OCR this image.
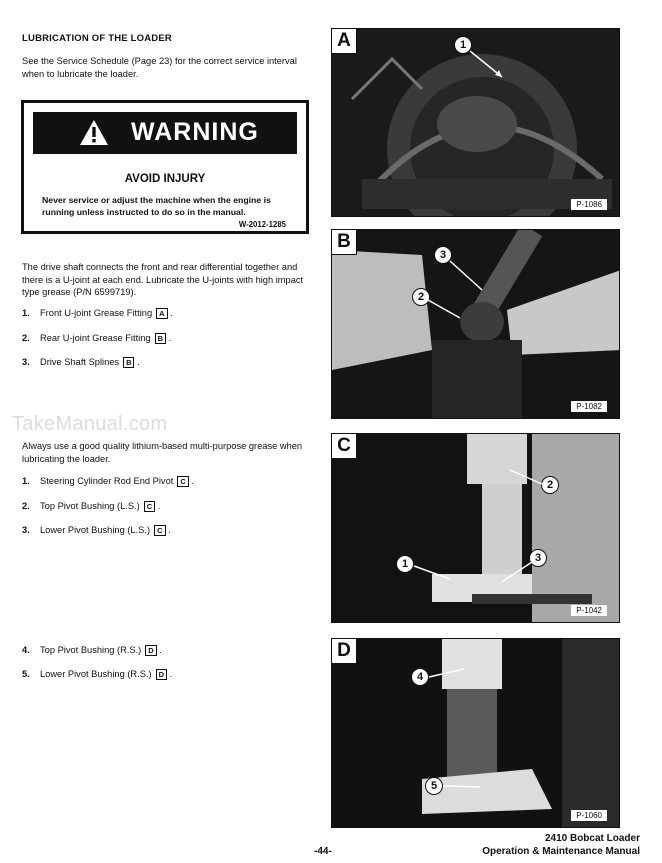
LUBRICATION OF THE LOADER
See the Service Schedule (Page 23) for the correct service interval when to lubricate the loader.
WARNING
AVOID INJURY
Never service or adjust the machine when the engine is running unless instructed to do so in the manual.
W-2012-1285
The drive shaft connects the front and rear differential together and there is a U-joint at each end. Lubricate the U-joints with high impact type grease (P/N 6599719).
1. Front U-joint Grease Fitting A .
2. Rear U-joint Grease Fitting B .
3. Drive Shaft Splines B .
TakeManual.com
Always use a good quality lithium-based multi-purpose grease when lubricating the loader.
1. Steering Cylinder Rod End Pivot C .
2. Top Pivot Bushing (L.S.) C .
3. Lower Pivot Bushing (L.S.) C .
4. Top Pivot Bushing (R.S.) D .
5. Lower Pivot Bushing (R.S.) D .
A	1
P-1086
B
3
2
P-1082
C
2
1	3
P-1042
D
4
5
P-1060
-44-
2410 Bobcat Loader
Operation & Maintenance Manual
